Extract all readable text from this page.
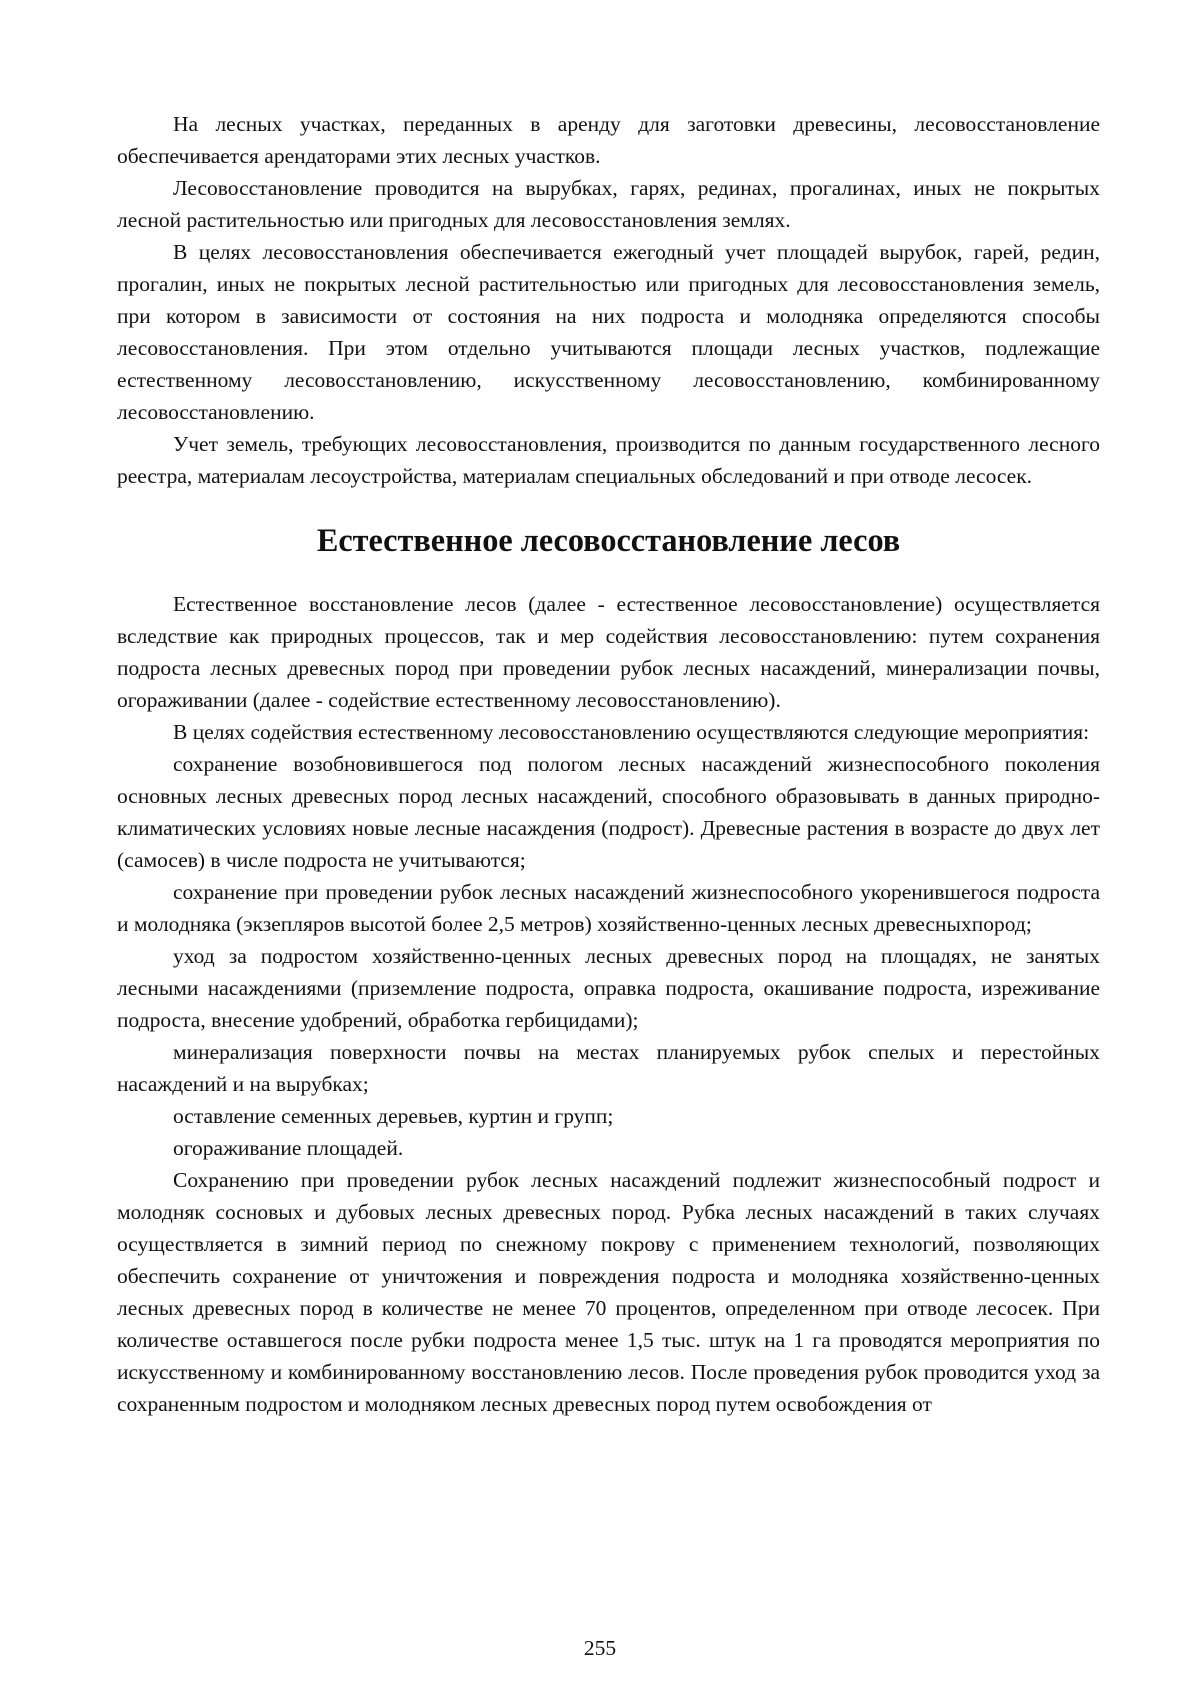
На лесных участках, переданных в аренду для заготовки древесины, лесовосстановление обеспечивается арендаторами этих лесных участков.

Лесовосстановление проводится на вырубках, гарях, рединах, прогалинах, иных не покрытых лесной растительностью или пригодных для лесовосстановления землях.

В целях лесовосстановления обеспечивается ежегодный учет площадей вырубок, гарей, редин, прогалин, иных не покрытых лесной растительностью или пригодных для лесовосстановления земель, при котором в зависимости от состояния на них подроста и молодняка определяются способы лесовосстановления. При этом отдельно учитываются площади лесных участков, подлежащие естественному лесовосстановлению, искусственному лесовосстановлению, комбинированному лесовосстановлению.

Учет земель, требующих лесовосстановления, производится по данным государственного лесного реестра, материалам лесоустройства, материалам специальных обследований и при отводе лесосек.

Естественное лесовосстановление лесов

Естественное восстановление лесов (далее - естественное лесовосстановление) осуществляется вследствие как природных процессов, так и мер содействия лесовосстановлению: путем сохранения подроста лесных древесных пород при проведении рубок лесных насаждений, минерализации почвы, огораживании (далее - содействие естественному лесовосстановлению).

В целях содействия естественному лесовосстановлению осуществляются следующие мероприятия:

сохранение возобновившегося под пологом лесных насаждений жизнеспособного поколения основных лесных древесных пород лесных насаждений, способного образовывать в данных природно-климатических условиях новые лесные насаждения (подрост). Древесные растения в возрасте до двух лет (самосев) в числе подроста не учитываются;

сохранение при проведении рубок лесных насаждений жизнеспособного укоренившегося подроста и молодняка (экзепляров высотой более 2,5 метров) хозяйственно-ценных лесных древесныхпород;

уход за подростом хозяйственно-ценных лесных древесных пород на площадях, не занятых лесными насаждениями (приземление подроста, оправка подроста, окашивание подроста, изреживание подроста, внесение удобрений, обработка гербицидами);

минерализация поверхности почвы на местах планируемых рубок спелых и перестойных насаждений и на вырубках;

оставление семенных деревьев, куртин и групп;

огораживание площадей.

Сохранению при проведении рубок лесных насаждений подлежит жизнеспособный подрост и молодняк сосновых и дубовых лесных древесных пород. Рубка лесных насаждений в таких случаях осуществляется в зимний период по снежному покрову с применением технологий, позволяющих обеспечить сохранение от уничтожения и повреждения подроста и молодняка хозяйственно-ценных лесных древесных пород в количестве не менее 70 процентов, определенном при отводе лесосек. При количестве оставшегося после рубки подроста менее 1,5 тыс. штук на 1 га проводятся мероприятия по искусственному и комбинированному восстановлению лесов. После проведения рубок проводится уход за сохраненным подростом и молодняком лесных древесных пород путем освобождения от

255
